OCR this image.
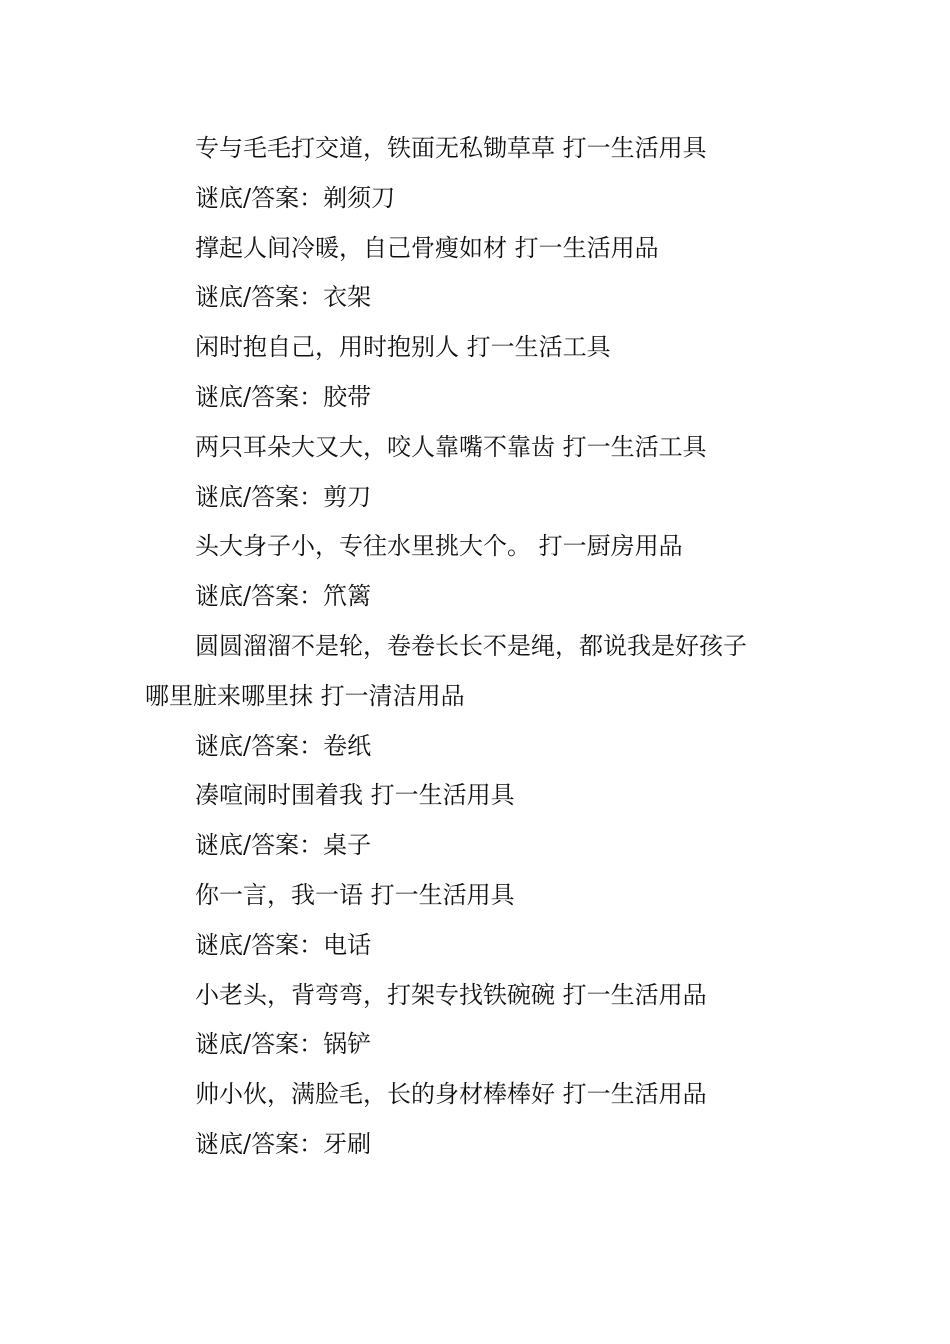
专与毛毛打交道，铁面无私锄草草 打一生活用具
谜底/答案：剃须刀
撑起人间冷暖，自己骨瘦如材 打一生活用品
谜底/答案：衣架
闲时抱自己，用时抱别人 打一生活工具
谜底/答案：胶带
两只耳朵大又大，咬人靠嘴不靠齿 打一生活工具
谜底/答案：剪刀
头大身子小，专往水里挑大个。 打一厨房用品
谜底/答案：笊篱
圆圆溜溜不是轮，卷卷长长不是绳，都说我是好孩子
哪里脏来哪里抹 打一清洁用品
谜底/答案：卷纸
凑喧闹时围着我 打一生活用具
谜底/答案：桌子
你一言，我一语 打一生活用具
谜底/答案：电话
小老头，背弯弯，打架专找铁碗碗 打一生活用品
谜底/答案：锅铲
帅小伙，满脸毛，长的身材棒棒好 打一生活用品
谜底/答案：牙刷
